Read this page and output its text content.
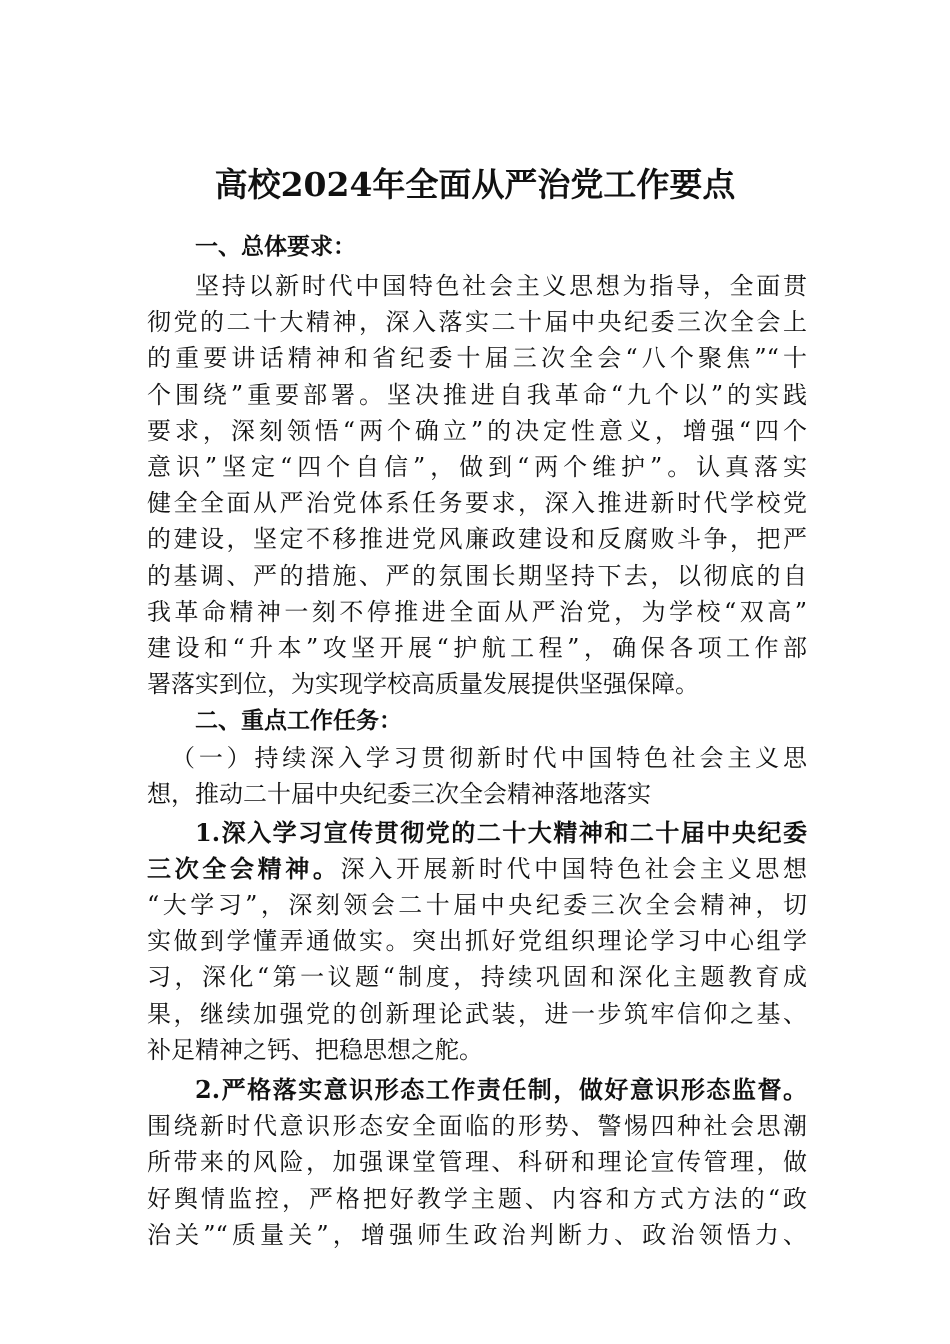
高校2024年全面从严治党工作要点
一、总体要求：
坚持以新时代中国特色社会主义思想为指导，全面贯
彻党的二十大精神，深入落实二十届中央纪委三次全会上
的重要讲话精神和省纪委十届三次全会“八个聚焦”“十
个围绕”重要部署。坚决推进自我革命“九个以”的实践
要求，深刻领悟“两个确立”的决定性意义，增强“四个
意识”坚定“四个自信”，做到“两个维护”。认真落实
健全全面从严治党体系任务要求，深入推进新时代学校党
的建设，坚定不移推进党风廉政建设和反腐败斗争，把严
的基调、严的措施、严的氛围长期坚持下去，以彻底的自
我革命精神一刻不停推进全面从严治党，为学校“双高”
建设和“升本”攻坚开展“护航工程”，确保各项工作部
署落实到位，为实现学校高质量发展提供坚强保障。
二、重点工作任务：
（一）持续深入学习贯彻新时代中国特色社会主义思
想，推动二十届中央纪委三次全会精神落地落实
1.深入学习宣传贯彻党的二十大精神和二十届中央纪委
三次全会精神。深入开展新时代中国特色社会主义思想
“大学习”，深刻领会二十届中央纪委三次全会精神，切
实做到学懂弄通做实。突出抓好党组织理论学习中心组学
习，深化“第一议题“制度，持续巩固和深化主题教育成
果，继续加强党的创新理论武装，进一步筑牢信仰之基、
补足精神之钙、把稳思想之舵。
2.严格落实意识形态工作责任制，做好意识形态监督。
围绕新时代意识形态安全面临的形势、警惕四种社会思潮
所带来的风险，加强课堂管理、科研和理论宣传管理，做
好舆情监控，严格把好教学主题、内容和方式方法的“政
治关”“质量关”，增强师生政治判断力、政治领悟力、
